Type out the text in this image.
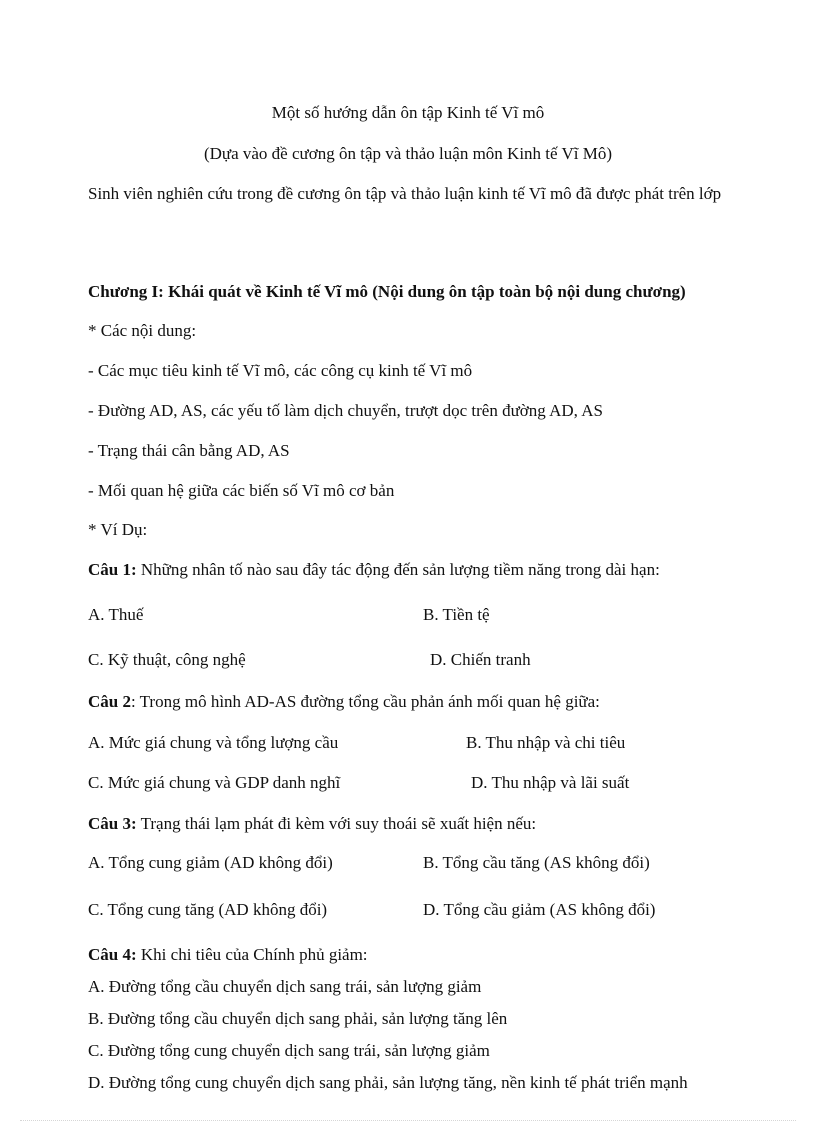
Một số hướng dẫn ôn tập Kinh tế Vĩ mô
(Dựa vào đề cương ôn tập và thảo luận môn Kinh tế Vĩ Mô)
Sinh viên nghiên cứu trong đề cương ôn tập và thảo luận kinh tế Vĩ mô đã được phát trên lớp
Chương I: Khái quát về Kinh tế Vĩ mô (Nội dung ôn tập toàn bộ nội dung chương)
* Các nội dung:
- Các mục tiêu kinh tế Vĩ mô, các công cụ kinh tế Vĩ mô
- Đường AD, AS, các yếu tố làm dịch chuyển, trượt dọc trên đường AD, AS
- Trạng thái cân bằng AD, AS
- Mối quan hệ giữa các biến số Vĩ mô cơ bản
* Ví Dụ:
Câu 1: Những nhân tố nào sau đây tác động đến sản lượng tiềm năng trong dài hạn:
A. Thuế	B. Tiền tệ
C. Kỹ thuật, công nghệ	D. Chiến tranh
Câu 2: Trong mô hình AD-AS đường tổng cầu phản ánh mối quan hệ giữa:
A. Mức giá chung và tổng lượng cầu	B. Thu nhập và chi tiêu
C. Mức giá chung và GDP danh nghĩ	D. Thu nhập và lãi suất
Câu 3: Trạng thái lạm phát đi kèm với suy thoái sẽ xuất hiện nếu:
A. Tổng cung giảm (AD không đổi)	B. Tổng cầu tăng (AS không đổi)
C. Tổng cung tăng (AD không đổi)	D. Tổng cầu giảm (AS không đổi)
Câu 4: Khi chi tiêu của Chính phủ giảm:
A. Đường tổng cầu chuyển dịch sang trái, sản lượng giảm
B. Đường tổng cầu chuyển dịch sang phải, sản lượng tăng lên
C. Đường tổng cung chuyển dịch sang trái, sản lượng giảm
D. Đường tổng cung chuyển dịch sang phải, sản lượng tăng, nền kinh tế phát triển mạnh
